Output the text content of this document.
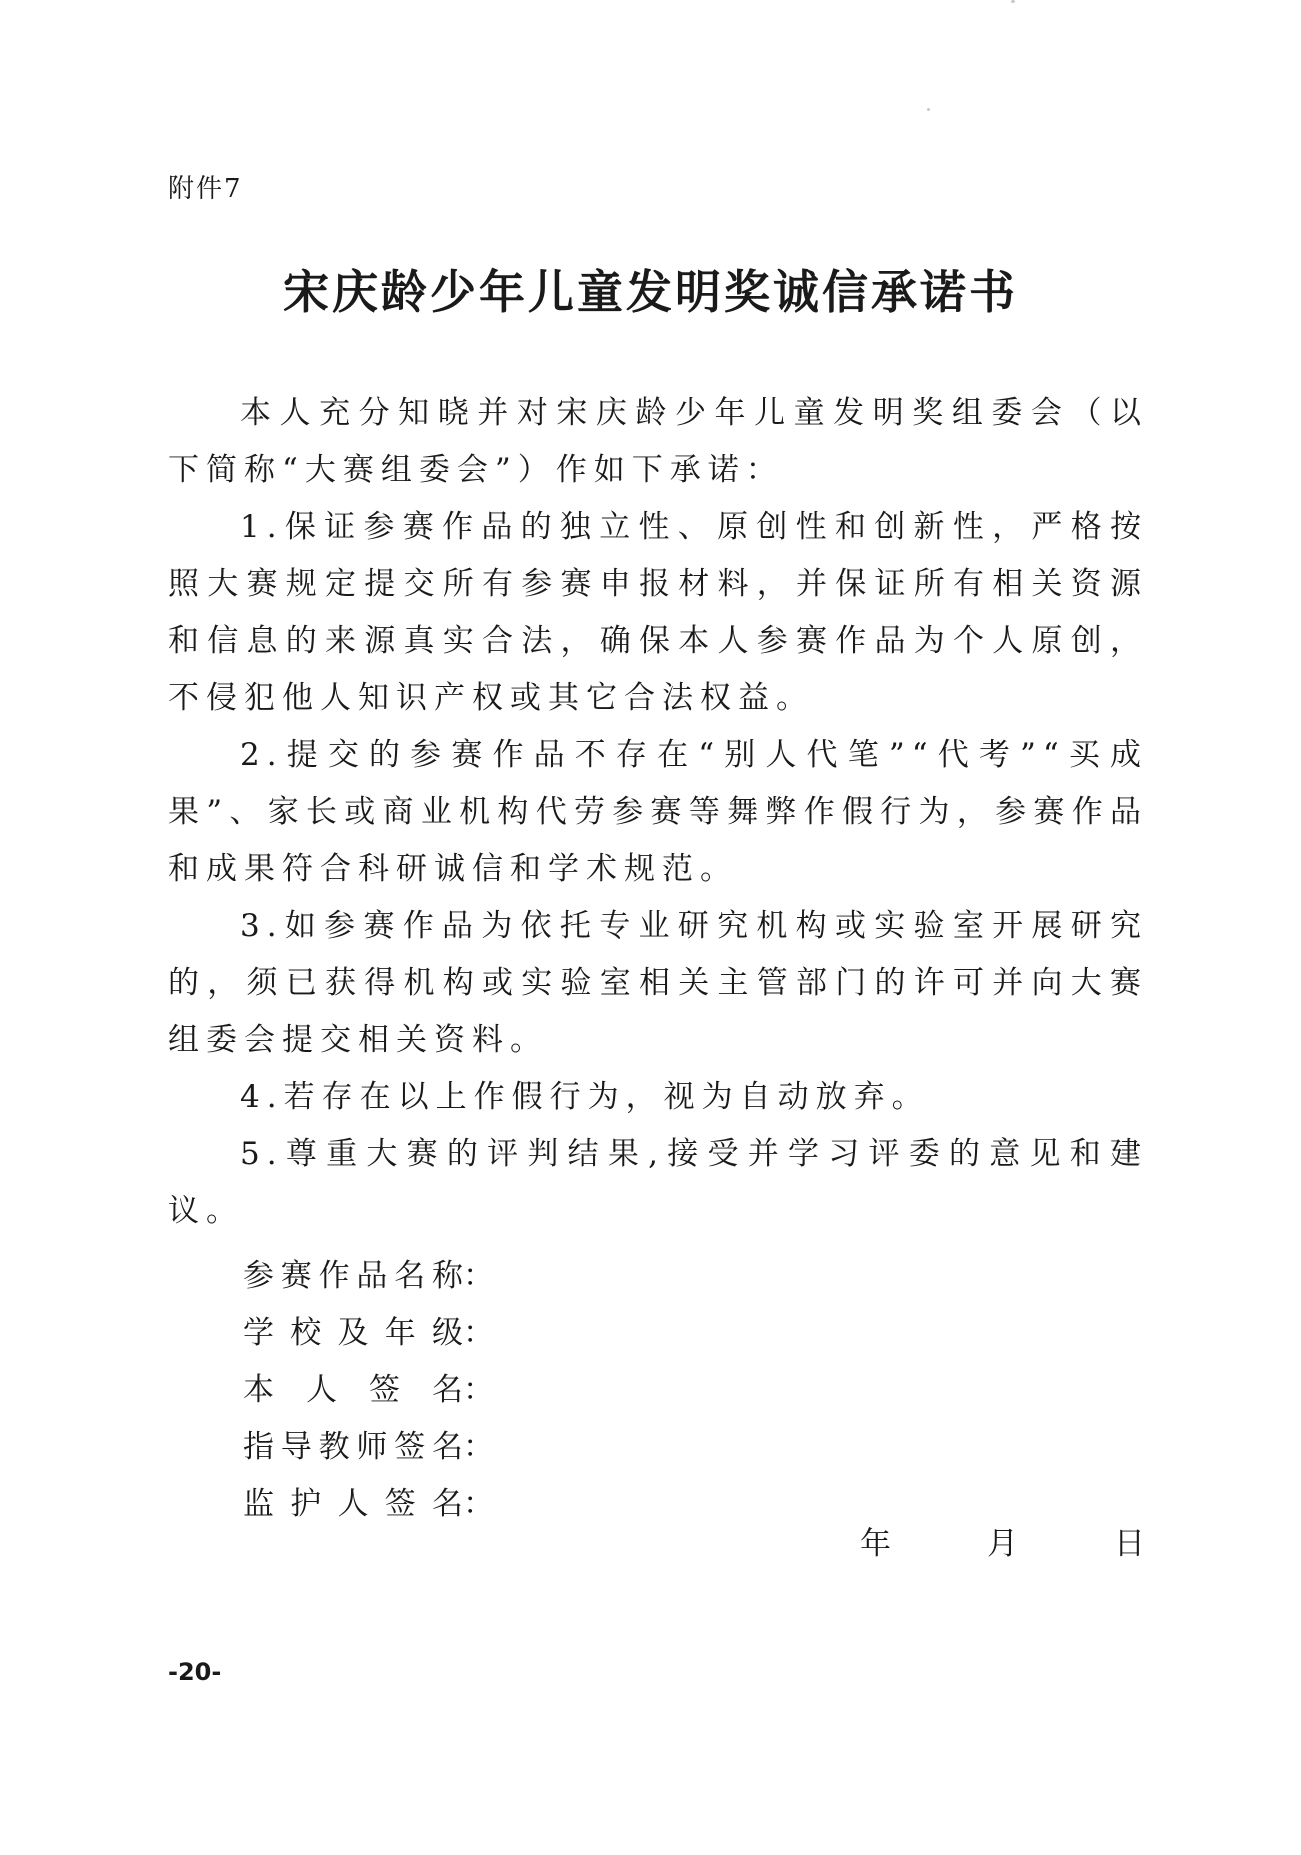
附件7
宋庆龄少年儿童发明奖诚信承诺书

本人充分知晓并对宋庆龄少年儿童发明奖组委会（以下简称“大赛组委会”）作如下承诺：

1.保证参赛作品的独立性、原创性和创新性，严格按照大赛规定提交所有参赛申报材料，并保证所有相关资源和信息的来源真实合法，确保本人参赛作品为个人原创，不侵犯他人知识产权或其它合法权益。

2.提交的参赛作品不存在“别人代笔”“代考”“买成果”、家长或商业机构代劳参赛等舞弊作假行为，参赛作品和成果符合科研诚信和学术规范。

3.如参赛作品为依托专业研究机构或实验室开展研究的，须已获得机构或实验室相关主管部门的许可并向大赛组委会提交相关资料。

4.若存在以上作假行为，视为自动放弃。

5.尊重大赛的评判结果,接受并学习评委的意见和建议。

参赛作品名称：
学校及年级：
本人签名：
指导教师签名：
监护人签名：
年	月	日
-20-
